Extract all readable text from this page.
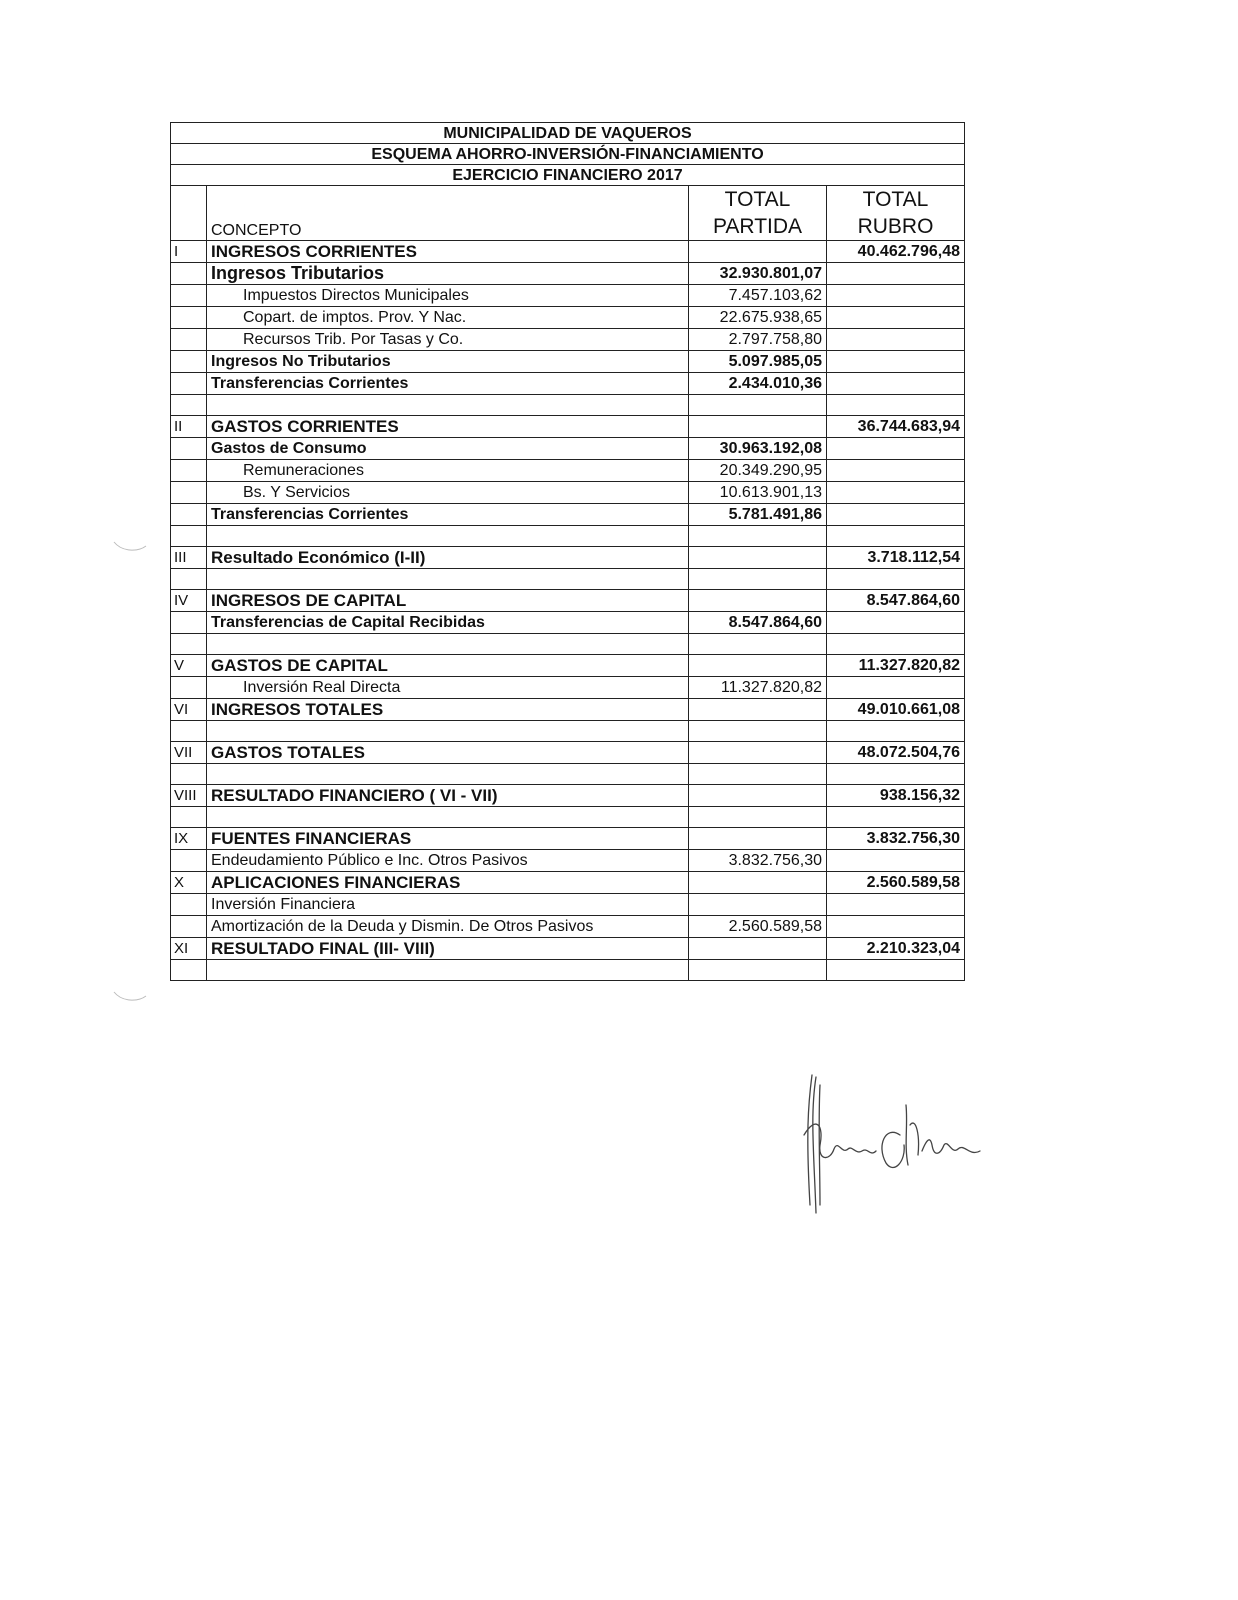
MUNICIPALIDAD DE VAQUEROS			
ESQUEMA AHORRO-INVERSIÓN-FINANCIAMIENTO			
EJERCICIO FINANCIERO 2017			
	CONCEPTO	TOTAL PARTIDA	TOTAL RUBRO
I	INGRESOS CORRIENTES		40.462.796,48
	Ingresos Tributarios	32.930.801,07	
	Impuestos Directos Municipales	7.457.103,62	
	Copart. de imptos. Prov. Y Nac.	22.675.938,65	
	Recursos Trib. Por Tasas y Co.	2.797.758,80	
	Ingresos No Tributarios	5.097.985,05	
	Transferencias Corrientes	2.434.010,36	

II	GASTOS CORRIENTES		36.744.683,94
	Gastos de Consumo	30.963.192,08	
	Remuneraciones	20.349.290,95	
	Bs. Y Servicios	10.613.901,13	
	Transferencias Corrientes	5.781.491,86	

III	Resultado Económico (I-II)		3.718.112,54

IV	INGRESOS DE CAPITAL		8.547.864,60
	Transferencias de Capital Recibidas	8.547.864,60	

V	GASTOS DE CAPITAL		11.327.820,82
	Inversión Real Directa	11.327.820,82	
VI	INGRESOS TOTALES		49.010.661,08

VII	GASTOS TOTALES		48.072.504,76

VIII	RESULTADO FINANCIERO ( VI - VII)		938.156,32

IX	FUENTES FINANCIERAS		3.832.756,30
	Endeudamiento Público e Inc. Otros Pasivos	3.832.756,30	
X	APLICACIONES FINANCIERAS		2.560.589,58
	Inversión Financiera		
	Amortización de la Deuda y Dismin. De Otros Pasivos	2.560.589,58	
XI	RESULTADO FINAL (III- VIII)		2.210.323,04
